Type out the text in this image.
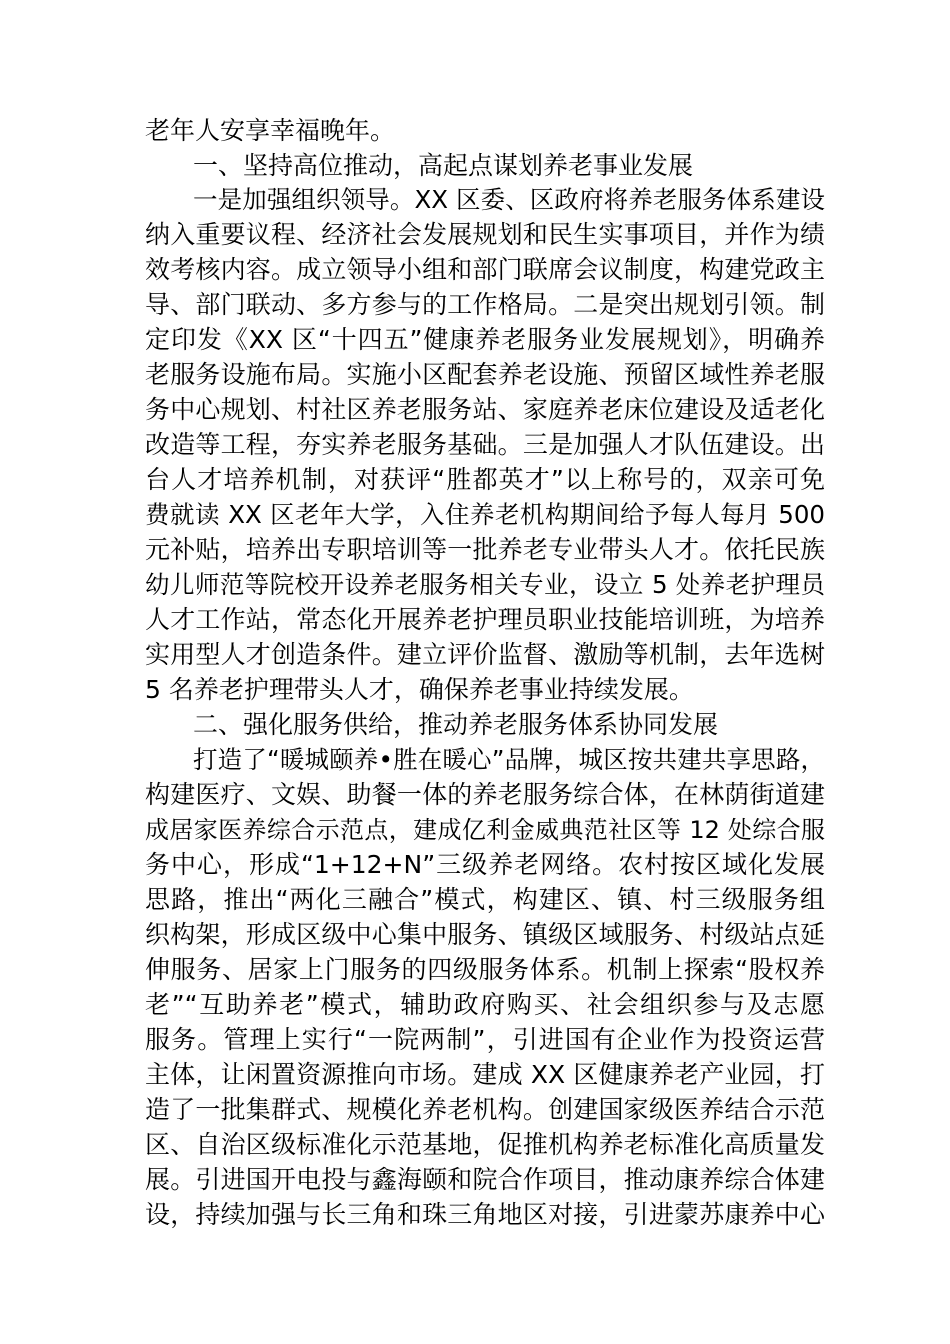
老年人安享幸福晚年。
一、坚持高位推动，高起点谋划养老事业发展
一是加强组织领导。XX 区委、区政府将养老服务体系建设
纳入重要议程、经济社会发展规划和民生实事项目，并作为绩
效考核内容。成立领导小组和部门联席会议制度，构建党政主
导、部门联动、多方参与的工作格局。二是突出规划引领。制
定印发《XX 区“十四五”健康养老服务业发展规划》，明确养
老服务设施布局。实施小区配套养老设施、预留区域性养老服
务中心规划、村社区养老服务站、家庭养老床位建设及适老化
改造等工程，夯实养老服务基础。三是加强人才队伍建设。出
台人才培养机制，对获评“胜都英才”以上称号的，双亲可免
费就读 XX 区老年大学，入住养老机构期间给予每人每月 500
元补贴，培养出专职培训等一批养老专业带头人才。依托民族
幼儿师范等院校开设养老服务相关专业，设立 5 处养老护理员
人才工作站，常态化开展养老护理员职业技能培训班，为培养
实用型人才创造条件。建立评价监督、激励等机制，去年选树
5 名养老护理带头人才，确保养老事业持续发展。
二、强化服务供给，推动养老服务体系协同发展
打造了“暖城颐养•胜在暖心”品牌，城区按共建共享思路，
构建医疗、文娱、助餐一体的养老服务综合体，在林荫街道建
成居家医养综合示范点，建成亿利金威典范社区等 12 处综合服
务中心，形成“1+12+N”三级养老网络。农村按区域化发展
思路，推出“两化三融合”模式，构建区、镇、村三级服务组
织构架，形成区级中心集中服务、镇级区域服务、村级站点延
伸服务、居家上门服务的四级服务体系。机制上探索“股权养
老”“互助养老”模式，辅助政府购买、社会组织参与及志愿
服务。管理上实行“一院两制”，引进国有企业作为投资运营
主体，让闲置资源推向市场。建成 XX 区健康养老产业园，打
造了一批集群式、规模化养老机构。创建国家级医养结合示范
区、自治区级标准化示范基地，促推机构养老标准化高质量发
展。引进国开电投与鑫海颐和院合作项目，推动康养综合体建
设，持续加强与长三角和珠三角地区对接，引进蒙苏康养中心
